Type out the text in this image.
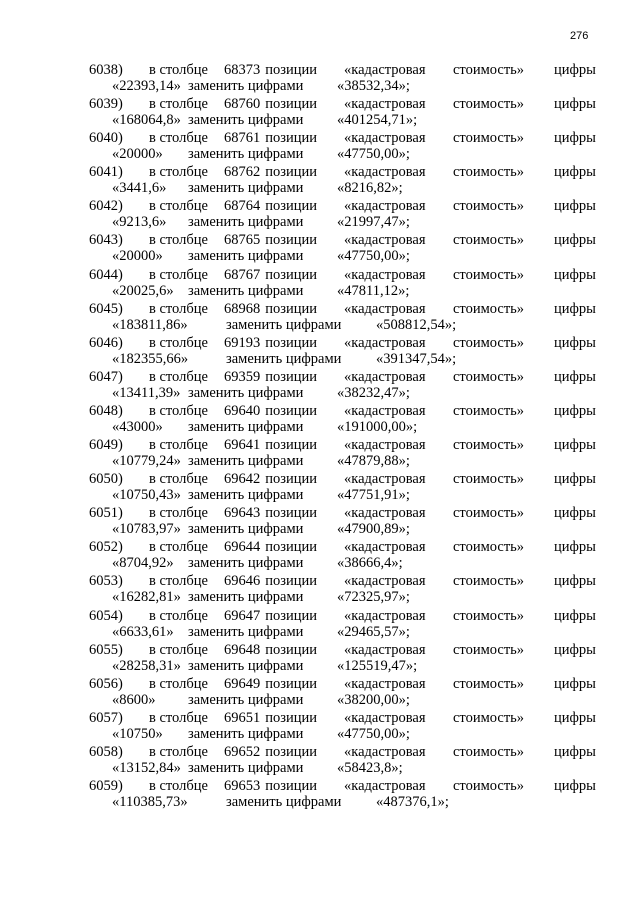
276
6038) в столбце 68373 позиции «кадастровая стоимость» цифры
«22393,14» заменить цифрами «38532,34»;
6039) в столбце 68760 позиции «кадастровая стоимость» цифры
«168064,8» заменить цифрами «401254,71»;
6040) в столбце 68761 позиции «кадастровая стоимость» цифры
«20000» заменить цифрами «47750,00»;
6041) в столбце 68762 позиции «кадастровая стоимость» цифры
«3441,6» заменить цифрами «8216,82»;
6042) в столбце 68764 позиции «кадастровая стоимость» цифры
«9213,6» заменить цифрами «21997,47»;
6043) в столбце 68765 позиции «кадастровая стоимость» цифры
«20000» заменить цифрами «47750,00»;
6044) в столбце 68767 позиции «кадастровая стоимость» цифры
«20025,6» заменить цифрами «47811,12»;
6045) в столбце 68968 позиции «кадастровая стоимость» цифры
«183811,86»	заменить цифрами «508812,54»;
6046) в столбце 69193 позиции «кадастровая стоимость» цифры
«182355,66»	заменить цифрами «391347,54»;
6047) в столбце 69359 позиции «кадастровая стоимость» цифры
«13411,39» заменить цифрами «38232,47»;
6048) в столбце 69640 позиции «кадастровая стоимость» цифры
«43000» заменить цифрами «191000,00»;
6049) в столбце 69641 позиции «кадастровая стоимость» цифры
«10779,24» заменить цифрами «47879,88»;
6050) в столбце 69642 позиции «кадастровая стоимость» цифры
«10750,43» заменить цифрами «47751,91»;
6051) в столбце 69643 позиции «кадастровая стоимость» цифры
«10783,97» заменить цифрами «47900,89»;
6052) в столбце 69644 позиции «кадастровая стоимость» цифры
«8704,92» заменить цифрами «38666,4»;
6053) в столбце 69646 позиции «кадастровая стоимость» цифры
«16282,81» заменить цифрами «72325,97»;
6054) в столбце 69647 позиции «кадастровая стоимость» цифры
«6633,61» заменить цифрами «29465,57»;
6055) в столбце 69648 позиции «кадастровая стоимость» цифры
«28258,31» заменить цифрами «125519,47»;
6056) в столбце 69649 позиции «кадастровая стоимость» цифры
«8600» заменить цифрами «38200,00»;
6057) в столбце 69651 позиции «кадастровая стоимость» цифры
«10750» заменить цифрами «47750,00»;
6058) в столбце 69652 позиции «кадастровая стоимость» цифры
«13152,84» заменить цифрами «58423,8»;
6059) в столбце 69653 позиции «кадастровая стоимость» цифры
«110385,73»	заменить цифрами «487376,1»;
